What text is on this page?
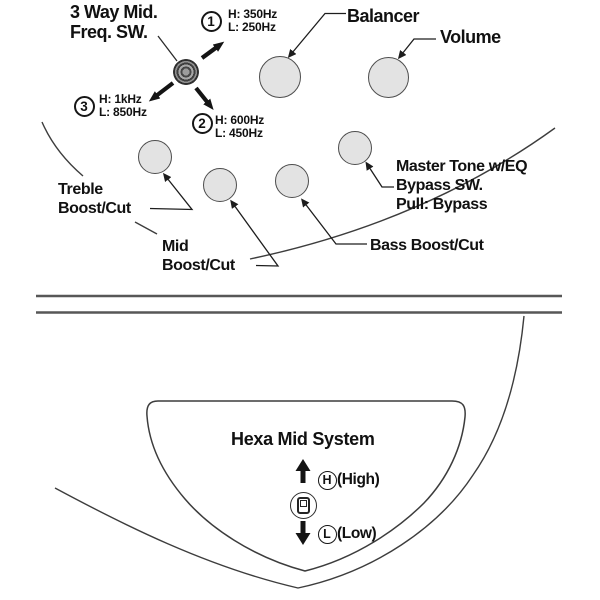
3 Way Mid.
Freq. SW.
1 H: 350Hz
L: 250Hz
2 H: 600Hz
L: 450Hz
3 H: 1kHz
L: 850Hz
Balancer
Volume
Treble
Boost/Cut
Mid
Boost/Cut
Bass Boost/Cut
Master Tone w/EQ
Bypass SW.
Pull: Bypass
Hexa Mid System
H (High)
L (Low)
